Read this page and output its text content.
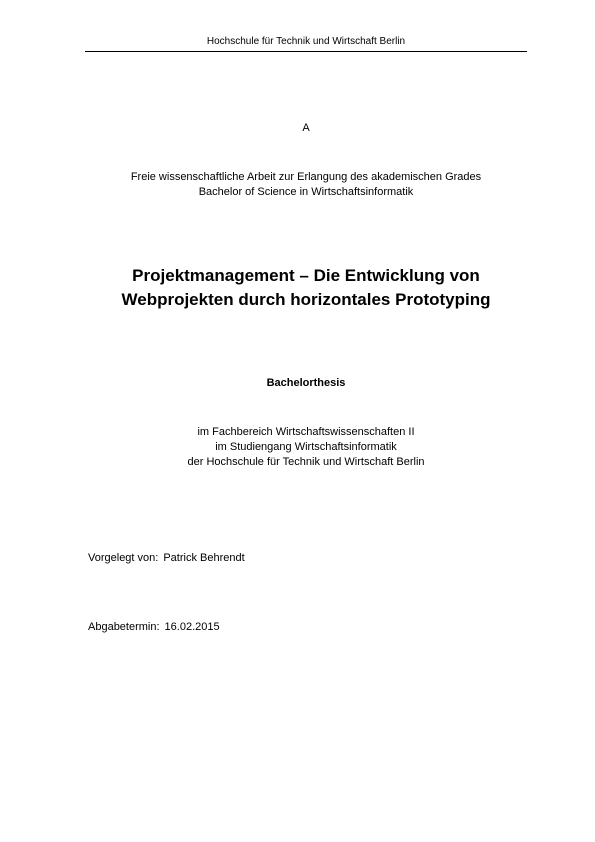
Hochschule für Technik und Wirtschaft Berlin
A
Freie wissenschaftliche Arbeit zur Erlangung des akademischen Grades
Bachelor of Science in Wirtschaftsinformatik
Projektmanagement – Die Entwicklung von
Webprojekten durch horizontales Prototyping
Bachelorthesis
im Fachbereich Wirtschaftswissenschaften II
im Studiengang Wirtschaftsinformatik
der Hochschule für Technik und Wirtschaft Berlin
Vorgelegt von: Patrick Behrendt
Abgabetermin: 16.02.2015
